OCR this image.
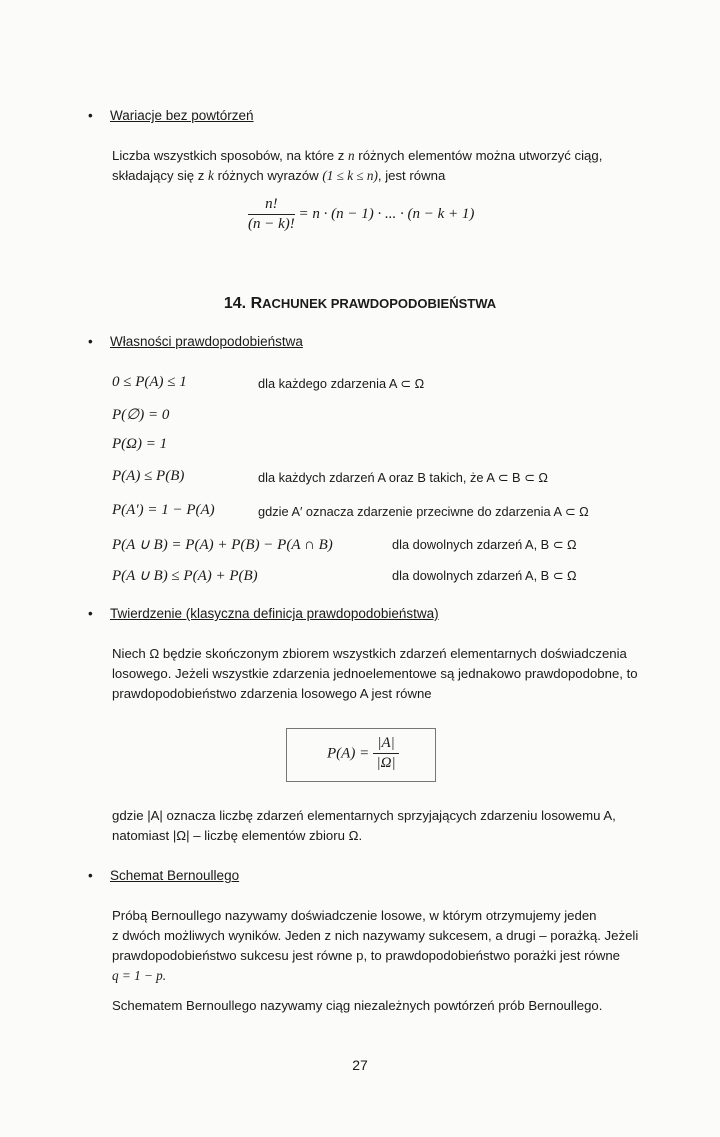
• Wariacje bez powtórzeń

Liczba wszystkich sposobów, na które z n różnych elementów można utworzyć ciąg,

składający się z k różnych wyrazów (1 ≤ k ≤ n), jest równa

$\frac{n!}{(n - k)!} = n \cdot (n - 1)$ · ... · (n − k + 1)
14. RACHUNEK PRAWDOPODOBIEŃSTWA
• Własności prawdopodobieństwa
0 ≤ P(A) ≤ 1	dla każdego zdarzenia A ⊂ Ω
P(∅) = 0
P(Ω) = 1
P(A) ≤ P(B)	dla każdych zdarzeń A oraz B takich, że A ⊂ B ⊂ Ω
P(A′) = 1 − P(A)	gdzie A′ oznacza zdarzenie przeciwne do zdarzenia A ⊂ Ω
P(A ∪ B) = P(A) + P(B) − P(A ∩ B)	dla dowolnych zdarzeń A, B ⊂ Ω
P(A ∪ B) ≤ P(A) + P(B)	dla dowolnych zdarzeń A, B ⊂ Ω
• Twierdzenie (klasyczna definicja prawdopodobieństwa)

Niech Ω będzie skończonym zbiorem wszystkich zdarzeń elementarnych doświadczenia

losowego. Jeżeli wszystkie zdarzenia jednoelementowe są jednakowo prawdopodobne, to

prawdopodobieństwo zdarzenia losowego A jest równe

$P(A) = \frac{|A|}{|\Omega|}$

gdzie |A| oznacza liczbę zdarzeń elementarnych sprzyjających zdarzeniu losowemu A,

natomiast |Ω| – liczbę elementów zbioru Ω.

• Schemat Bernoullego

Próbą Bernoullego nazywamy doświadczenie losowe, w którym otrzymujemy jeden

z dwóch możliwych wyników. Jeden z nich nazywamy sukcesem, a drugi – porażką. Jeżeli

prawdopodobieństwo sukcesu jest równe p, to prawdopodobieństwo porażki jest równe

q = 1 − p.

Schematem Bernoullego nazywamy ciąg niezależnych powtórzeń prób Bernoullego.

27
